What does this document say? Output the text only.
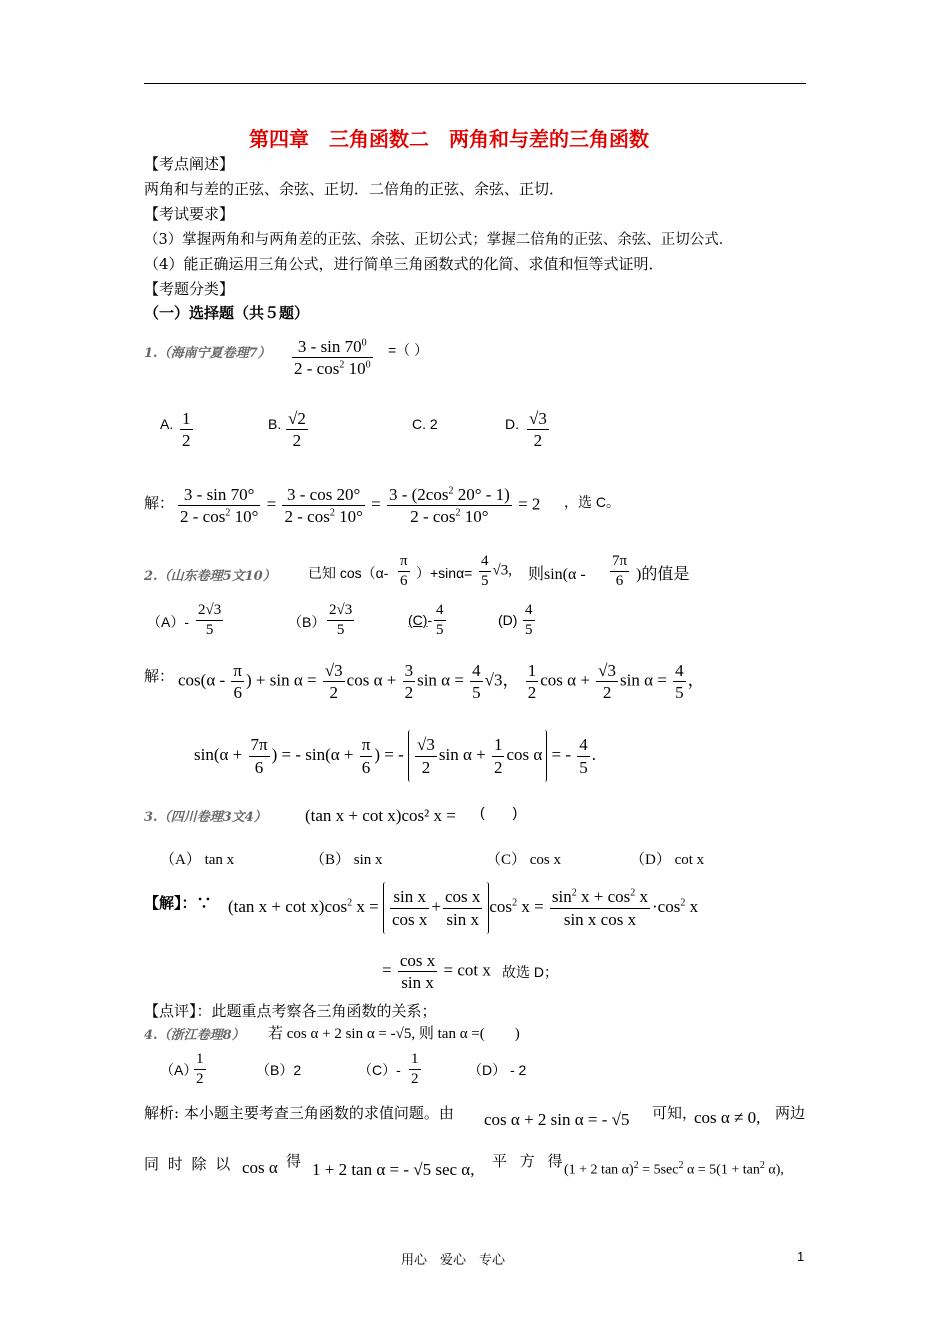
第四章　三角函数二　两角和与差的三角函数
【考点阐述】
两角和与差的正弦、余弦、正切．二倍角的正弦、余弦、正切．
【考试要求】
（3）掌握两角和与两角差的正弦、余弦、正切公式；掌握二倍角的正弦、余弦、正切公式．
（4）能正确运用三角公式，进行简单三角函数式的化简、求值和恒等式证明．
【考题分类】
（一）选择题（共５题）
1.（海南宁夏卷理$7) \frac{3 - \sin 70^0}{2 - \cos^2 10^0}$ =（ ）
A. $\frac{1}{2}$	B. $\frac{√2}{2}$	C. 2	D. $\frac{√3}{2}$
解： $\frac{3 - \sin 70^\circ}{2 - \cos^2 10^\circ} = \frac{3 - \cos 20^\circ}{2 - \cos^2 10^\circ} = \frac{3 - (2\cos^2 20^\circ - 1)}{2 - \cos^2 10^\circ} = 2$ ，选 C。
2.（山东卷理5文10） 已知 $\cos(\alpha- \frac{\pi}{6} )+\sin\alpha= \frac{4}{5} √3$, 则$\sin(\alpha - \frac{7\pi}{6}$ )的值是
$(A)- \frac{2√3}{5}$	$(B) \frac{2√3}{5}$	$(C)- \frac{4}{5}$	$(D) \frac{4}{5}$
解： $\cos(\alpha - \frac{\pi}{6}$ ) + $\sin \alpha = \frac{√3}{2}$ $\cos \alpha + \frac{3}{2}$ $\sin \alpha = \frac{4}{5} √3$， $\frac{1}{2}$ $\cos \alpha + \frac{√3}{2}$ $\sin \alpha = \frac{4}{5}$ ，
$\sin(\alpha + \frac{7\pi}{6}$ ) = - $\sin(\alpha + \frac{\pi}{6}$ ) = - $\frac{√3}{2}$ $\sin \alpha + \frac{1}{2}$ cos α = - $\frac{4}{5}$ .
3.（四川卷理3文4） (tan x + cot x)cos² x = (　　)
（A） tan x	（B） sin x	（C） cos x	（D） cot x
【解】：∵ (tan $x + \cot x)\cos^2$ $x = \frac{\text{sin x}}{\text{cos x}} + \frac{\text{cos x}}{\text{sin x}} \cos^2 x = \frac{\sin^2 x + \cos^2 x}{\text{sin x cos x}} \cdot\cos^2$ x
= $\frac{\text{cos x}}{\text{sin x}} = \cot x$ 故选 D；
【点评】：此题重点考察各三角函数的关系；
4.（浙江卷理8） 若 cos α + 2 sin α = -√5, 则 tan α =(　　)
（A）
$\frac{1}{2}$	（B）2	$(C)- \frac{1}{2}$	（D） - 2
解析: 本小题主要考查三角函数的求值问题。由 cos α + 2 sin α = - √5 可知，
cos α ≠ 0, 两边
同 时 除 以 cos α 得 1 + 2 tan α = - √5 sec α, 平 方 得
(1 + 2 $\tan \alpha)^2 = 5\sec^2$ $\alpha = 5(1 + \tan^2 \alpha)$,
用心　爱心　专心	1
